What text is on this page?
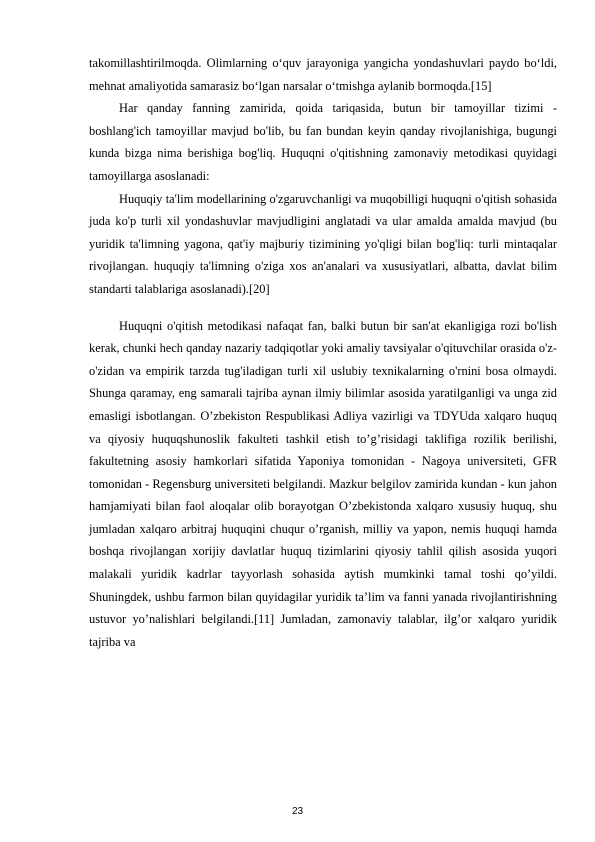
takomillashtirilmoqda. Olimlarning o‘quv jarayoniga yangicha yondashuvlari paydo bo‘ldi, mehnat amaliyotida samarasiz bo‘lgan narsalar o‘tmishga aylanib bormoqda.[15]

Har qanday fanning zamirida, qoida tariqasida, butun bir tamoyillar tizimi - boshlang'ich tamoyillar mavjud bo'lib, bu fan bundan keyin qanday rivojlanishiga, bugungi kunda bizga nima berishiga bog'liq. Huquqni o'qitishning zamonaviy metodikasi quyidagi tamoyillarga asoslanadi:

Huquqiy ta'lim modellarining o'zgaruvchanligi va muqobilligi huquqni o'qitish sohasida juda ko'p turli xil yondashuvlar mavjudligini anglatadi va ular amalda amalda mavjud (bu yuridik ta'limning yagona, qat'iy majburiy tizimining yo'qligi bilan bog'liq: turli mintaqalar rivojlangan. huquqiy ta'limning o'ziga xos an'analari va xususiyatlari, albatta, davlat bilim standarti talablariga asoslanadi).[20]

Huquqni o'qitish metodikasi nafaqat fan, balki butun bir san'at ekanligiga rozi bo'lish kerak, chunki hech qanday nazariy tadqiqotlar yoki amaliy tavsiyalar o'qituvchilar orasida o'z-o'zidan va empirik tarzda tug'iladigan turli xil uslubiy texnikalarning o'rnini bosa olmaydi. Shunga qaramay, eng samarali tajriba aynan ilmiy bilimlar asosida yaratilganligi va unga zid emasligi isbotlangan. O’zbekiston Respublikasi Adliya vazirligi va TDYUda xalqaro huquq va qiyosiy huquqshunoslik fakulteti tashkil etish to’g’risidagi taklifiga rozilik berilishi, fakultetning asosiy hamkorlari sifatida Yaponiya tomonidan - Nagoya universiteti, GFR tomonidan - Regensburg universiteti belgilandi. Mazkur belgilov zamirida kundan - kun jahon hamjamiyati bilan faol aloqalar olib borayotgan O’zbekistonda xalqaro xususiy huquq, shu jumladan xalqaro arbitraj huquqini chuqur o’rganish, milliy va yapon, nemis huquqi hamda boshqa rivojlangan xorijiy davlatlar huquq tizimlarini qiyosiy tahlil qilish asosida yuqori malakali yuridik kadrlar tayyorlash sohasida aytish mumkinki tamal toshi qo’yildi. Shuningdek, ushbu farmon bilan quyidagilar yuridik ta’lim va fanni yanada rivojlantirishning ustuvor yo’nalishlari belgilandi.[11] Jumladan, zamonaviy talablar, ilg’or xalqaro yuridik tajriba va

23
